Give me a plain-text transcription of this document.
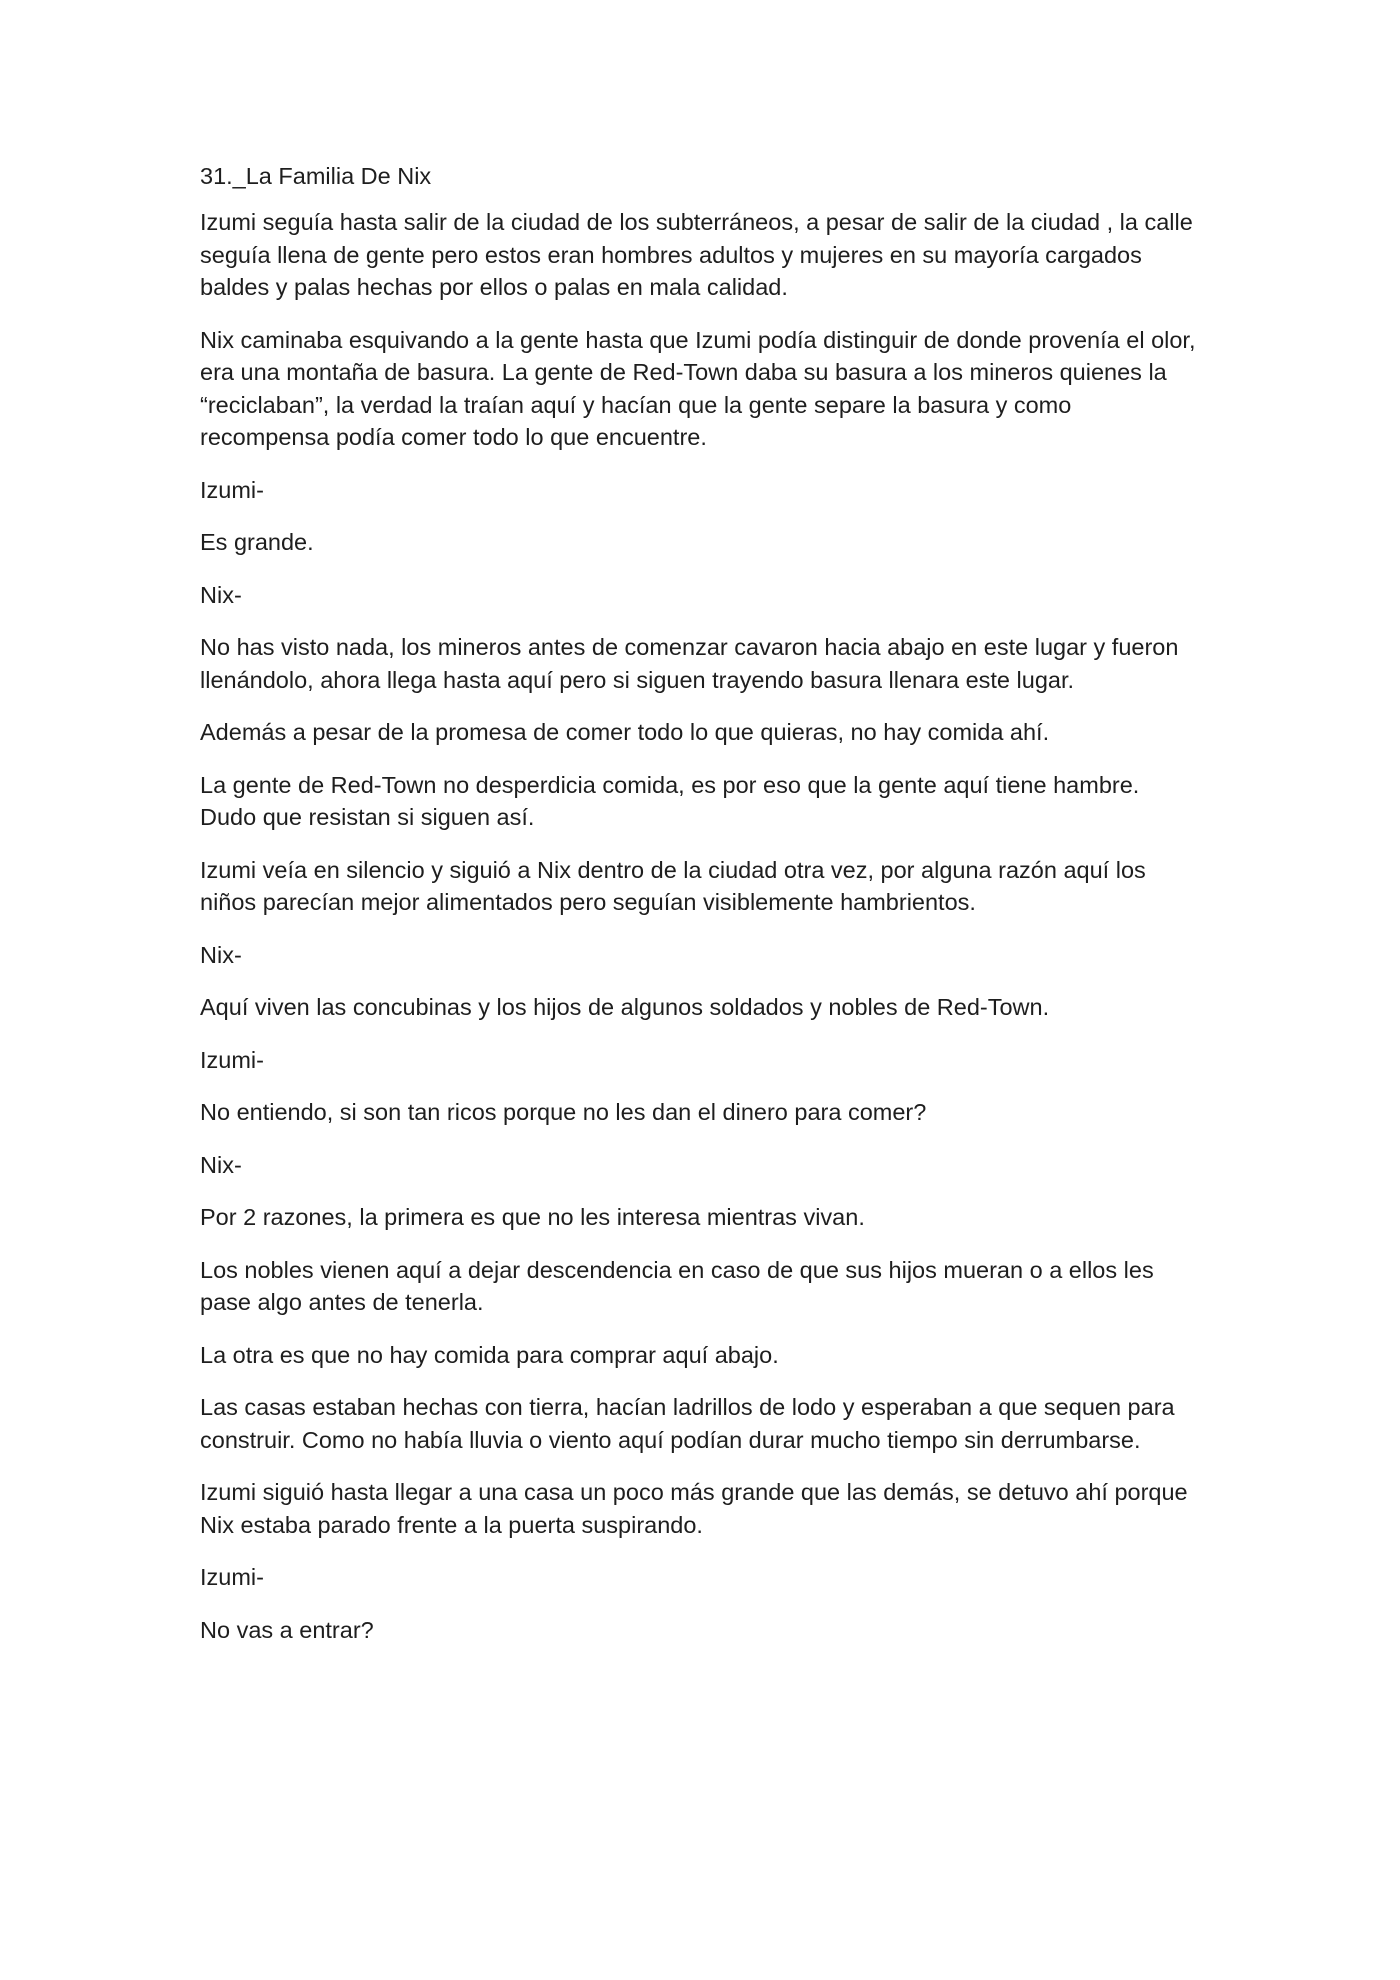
31._La Familia De Nix

Izumi seguía hasta salir de la ciudad de los subterráneos, a pesar de salir de la ciudad , la calle seguía llena de gente pero estos eran hombres adultos y mujeres en su mayoría cargados baldes y palas hechas por ellos o palas en mala calidad.

Nix caminaba esquivando a la gente hasta que Izumi podía distinguir de donde provenía el olor, era una montaña de basura. La gente de Red-Town daba su basura a los mineros quienes la “reciclaban”, la verdad la traían aquí y hacían que la gente separe la basura y como recompensa podía comer todo lo que encuentre.

Izumi-

Es grande.

Nix-

No has visto nada, los mineros antes de comenzar cavaron hacia abajo en este lugar y fueron llenándolo, ahora llega hasta aquí pero si siguen trayendo basura llenara este lugar.

Además a pesar de la promesa de comer todo lo que quieras, no hay comida ahí.

La gente de Red-Town no desperdicia comida, es por eso que la gente aquí tiene hambre. Dudo que resistan si siguen así.

Izumi veía en silencio y siguió a Nix dentro de la ciudad otra vez, por alguna razón aquí los niños parecían mejor alimentados pero seguían visiblemente hambrientos.

Nix-

Aquí viven las concubinas y los hijos de algunos soldados y nobles de Red-Town.

Izumi-

No entiendo, si son tan ricos porque no les dan el dinero para comer?

Nix-

Por 2 razones, la primera es que no les interesa mientras vivan.

Los nobles vienen aquí a dejar descendencia en caso de que sus hijos mueran o a ellos les pase algo antes de tenerla.

La otra es que no hay comida para comprar aquí abajo.

Las casas estaban hechas con tierra, hacían ladrillos de lodo y esperaban a que sequen para construir. Como no había lluvia o viento aquí podían durar mucho tiempo sin derrumbarse.

Izumi siguió hasta llegar a una casa un poco más grande que las demás, se detuvo ahí porque Nix estaba parado frente a la puerta suspirando.

Izumi-

No vas a entrar?
